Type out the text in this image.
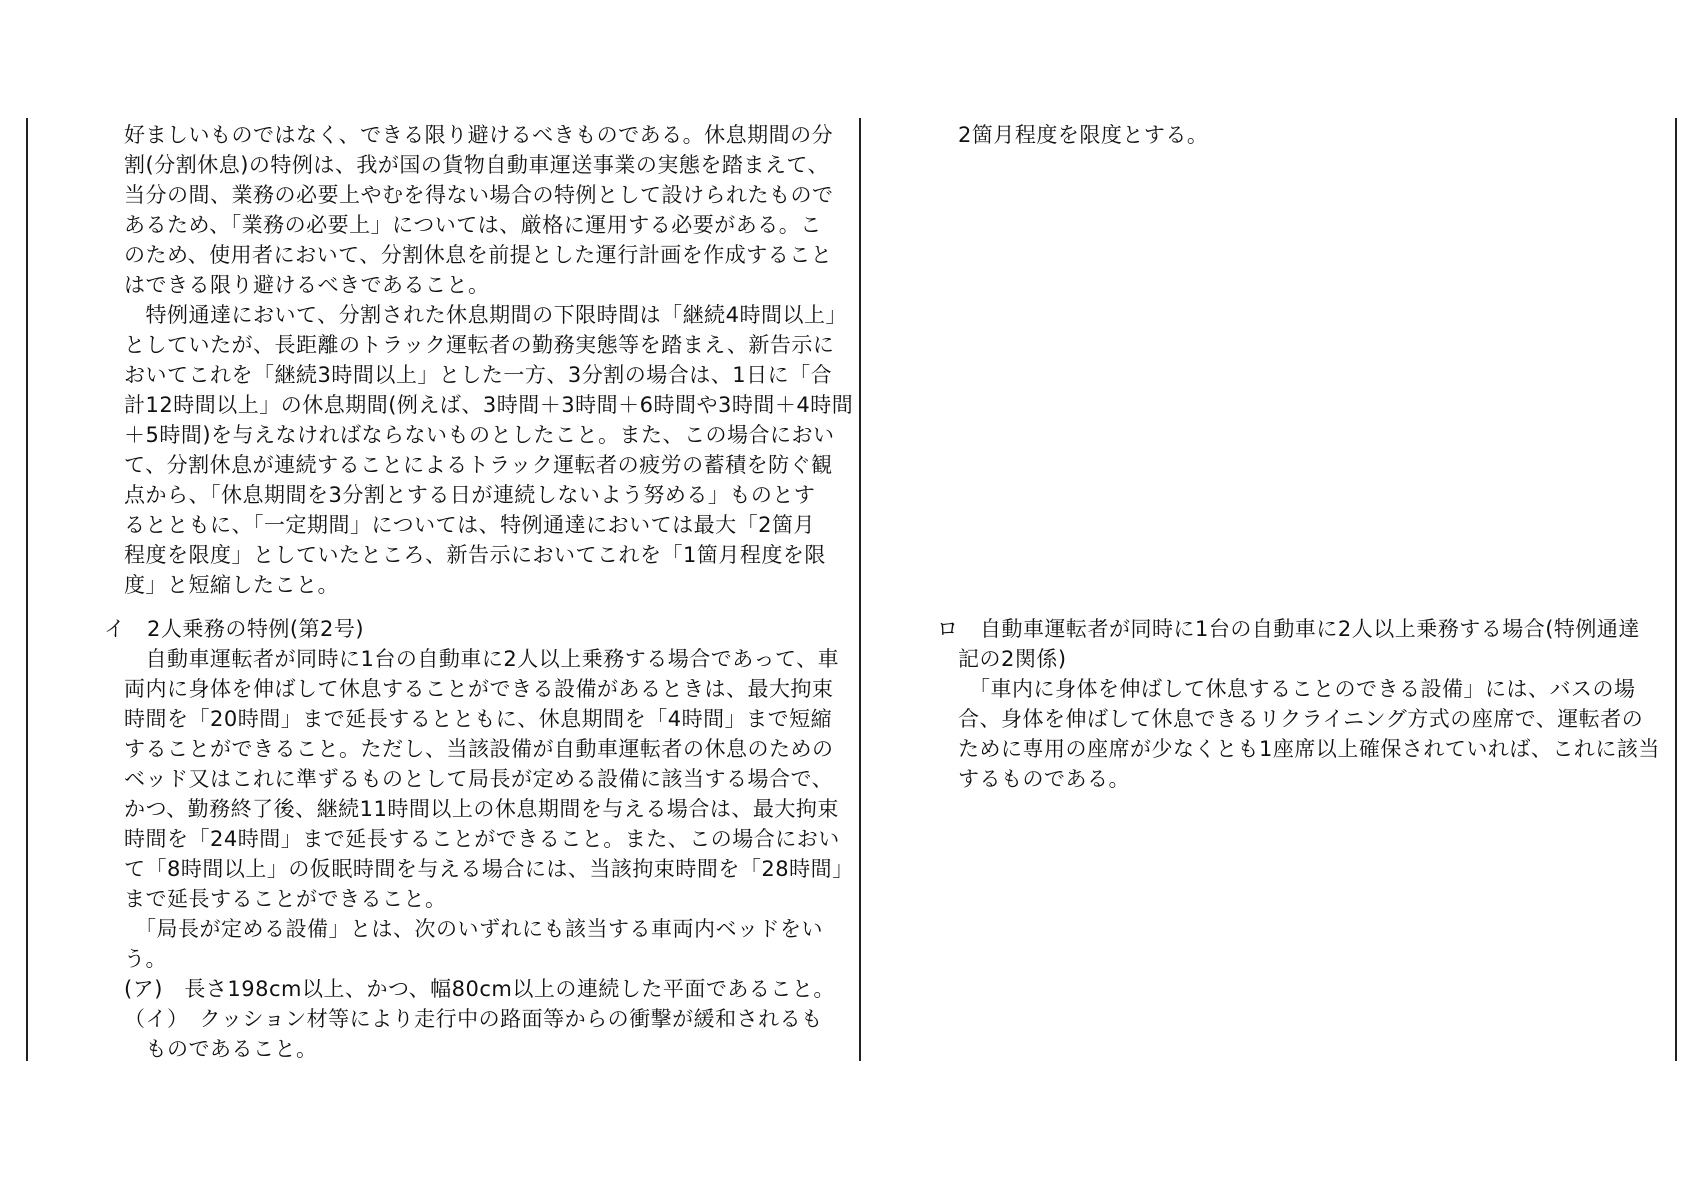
好ましいものではなく、できる限り避けるべきものである。休息期間の分
割(分割休息)の特例は、我が国の貨物自動車運送事業の実態を踏まえて、
当分の間、業務の必要上やむを得ない場合の特例として設けられたもので
あるため、「業務の必要上」については、厳格に運用する必要がある。こ
のため、使用者において、分割休息を前提とした運行計画を作成すること
はできる限り避けるべきであること。
　特例通達において、分割された休息期間の下限時間は「継続4時間以上」
としていたが、長距離のトラック運転者の勤務実態等を踏まえ、新告示に
おいてこれを「継続3時間以上」とした一方、3分割の場合は、1日に「合
計12時間以上」の休息期間(例えば、3時間＋3時間＋6時間や3時間＋4時間
＋5時間)を与えなければならないものとしたこと。また、この場合におい
て、分割休息が連続することによるトラック運転者の疲労の蓄積を防ぐ観
点から、「休息期間を3分割とする日が連続しないよう努める」ものとす
るとともに、「一定期間」については、特例通達においては最大「2箇月
程度を限度」としていたところ、新告示においてこれを「1箇月程度を限
度」と短縮したこと。
イ　2人乗務の特例(第2号)
　自動車運転者が同時に1台の自動車に2人以上乗務する場合であって、車
両内に身体を伸ばして休息することができる設備があるときは、最大拘束
時間を「20時間」まで延長するとともに、休息期間を「4時間」まで短縮
することができること。ただし、当該設備が自動車運転者の休息のための
ベッド又はこれに準ずるものとして局長が定める設備に該当する場合で、
かつ、勤務終了後、継続11時間以上の休息期間を与える場合は、最大拘束
時間を「24時間」まで延長することができること。また、この場合におい
て「8時間以上」の仮眠時間を与える場合には、当該拘束時間を「28時間」
まで延長することができること。
　「局長が定める設備」とは、次のいずれにも該当する車両内ベッドをい
う。
(ア)　長さ198cm以上、かつ、幅80cm以上の連続した平面であること。
（イ）　クッション材等により走行中の路面等からの衝撃が緩和されるも
　ものであること。
2箇月程度を限度とする。
ロ　自動車運転者が同時に1台の自動車に2人以上乗務する場合(特例通達
記の2関係)
　「車内に身体を伸ばして休息することのできる設備」には、バスの場
合、身体を伸ばして休息できるリクライニング方式の座席で、運転者の
ために専用の座席が少なくとも1座席以上確保されていれば、これに該当
するものである。
